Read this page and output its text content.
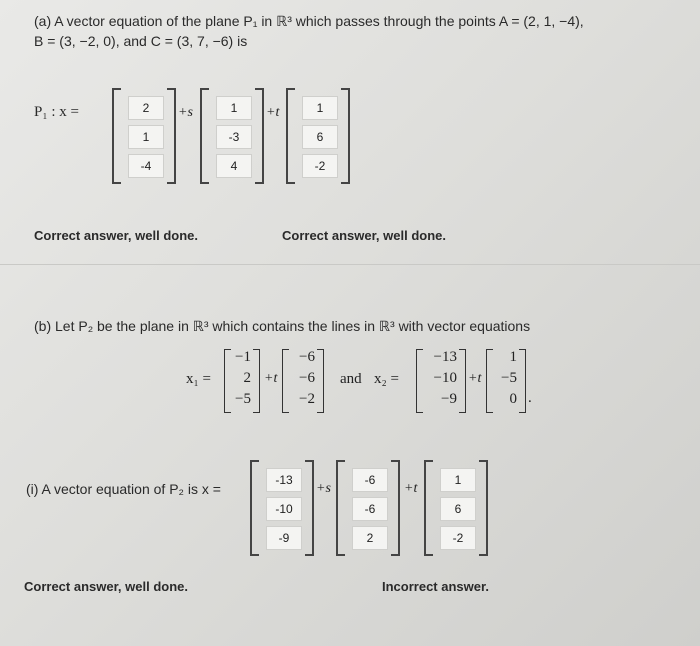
(a) A vector equation of the plane P₁ in ℝ³ which passes through the points A = (2, 1, −4),
B = (3, −2, 0), and C = (3, 7, −6) is
P₁ : x =	2
1
-4
+s	1
-3
4
+t	1
6
-2
Correct answer, well done.	Correct answer, well done.
(b) Let P₂ be the plane in ℝ³ which contains the lines in ℝ³ with vector equations
x₁ =
−1
2
−5
+t
−6
−6
−2
and x₂ =
−13
−10
−9
+t
1
−5
0 .
(i) A vector equation of P₂ is x =
-13
-10
-9
+s
-6
-6
2
+t
1
6
-2
Correct answer, well done.	Incorrect answer.
